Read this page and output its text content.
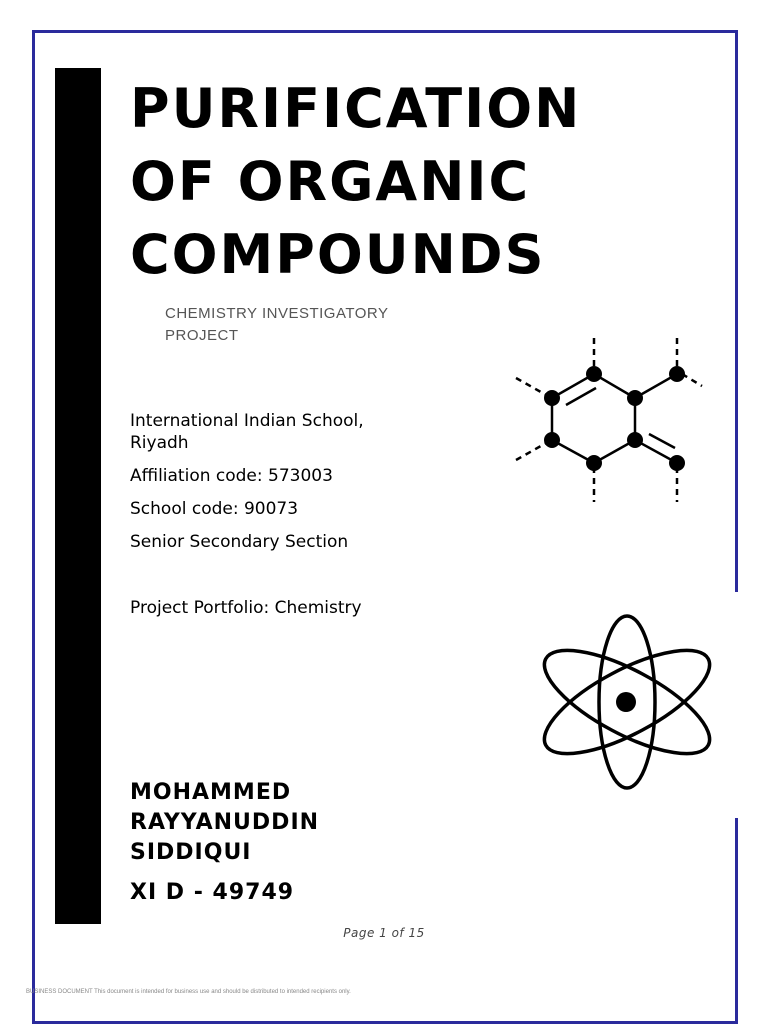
PURIFICATION
OF ORGANIC
COMPOUNDS
CHEMISTRY INVESTIGATORY
PROJECT
International Indian School,
Riyadh
Affiliation code: 573003
School code: 90073
Senior Secondary Section
Project Portfolio: Chemistry
MOHAMMED
RAYYANUDDIN
SIDDIQUI
XI D - 49749
Page 1 of 15
BUSINESS DOCUMENT This document is intended for business use and should be distributed to intended recipients only.
